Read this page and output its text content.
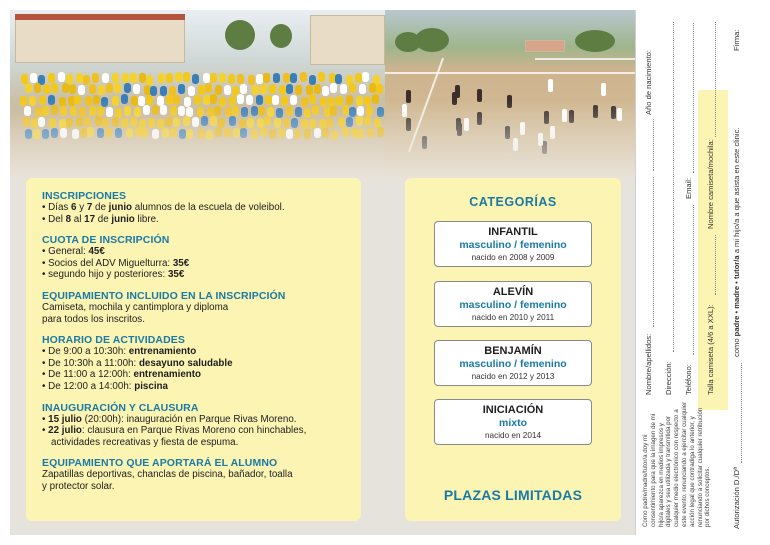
INSCRIPCIONES
• Días 6 y 7 de junio alumnos de la escuela de voleibol.
• Del 8 al 17 de junio libre.
CUOTA DE INSCRIPCIÓN
• General: 45€
• Socios del ADV Miguelturra: 35€
• segundo hijo y posteriores: 35€
EQUIPAMIENTO INCLUIDO EN LA INSCRIPCIÓN
Camiseta, mochila y cantimplora y diploma
para todos los inscritos.
HORARIO DE ACTIVIDADES
• De 9:00 a 10:30h: entrenamiento
• De 10:30h a 11:00h: desayuno saludable
• De 11:00 a 12:00h: entrenamiento
• De 12:00 a 14:00h: piscina
INAUGURACIÓN Y CLAUSURA
• 15 julio (20:00h): inauguración en Parque Rivas Moreno.
• 22 julio: clausura en Parque Rivas Moreno con hinchables,
actividades recreativas y fiesta de espuma.
EQUIPAMIENTO QUE APORTARÁ EL ALUMNO
Zapatillas deportivas, chanclas de piscina, bañador, toalla
y protector solar.
CATEGORÍAS
INFANTIL
masculino / femenino
nacido en 2008 y 2009
ALEVÍN
masculino / femenino
nacido en 2010 y 2011
BENJAMÍN
masculino / femenino
nacido en 2012 y 2013
INICIACIÓN
mixto
nacido en 2014
PLAZAS LIMITADAS	Como padre/madre/tutor/a doy mi consentimiento para que la imagen de mi hijo/a aparezca en medios impresos y digitales y sea utilizada y transmitida por cualquier medio electrónico con respecto a este evento, renunciando a ejercitar cualquier acción legal que contradiga lo anterior, y renunciando a solicitar cualquier retribución por dichos conceptos.
Nombre/apellidos:
Año de nacimiento:
Dirección: Teléfono:
Email:
Talla camiseta (4/6 a XXL):
Nombre camiseta/mochila:
Autorización D./Dª
como padre • madre • tutor/a a mi hijo/a a que asista en este clinic.
Firma:
